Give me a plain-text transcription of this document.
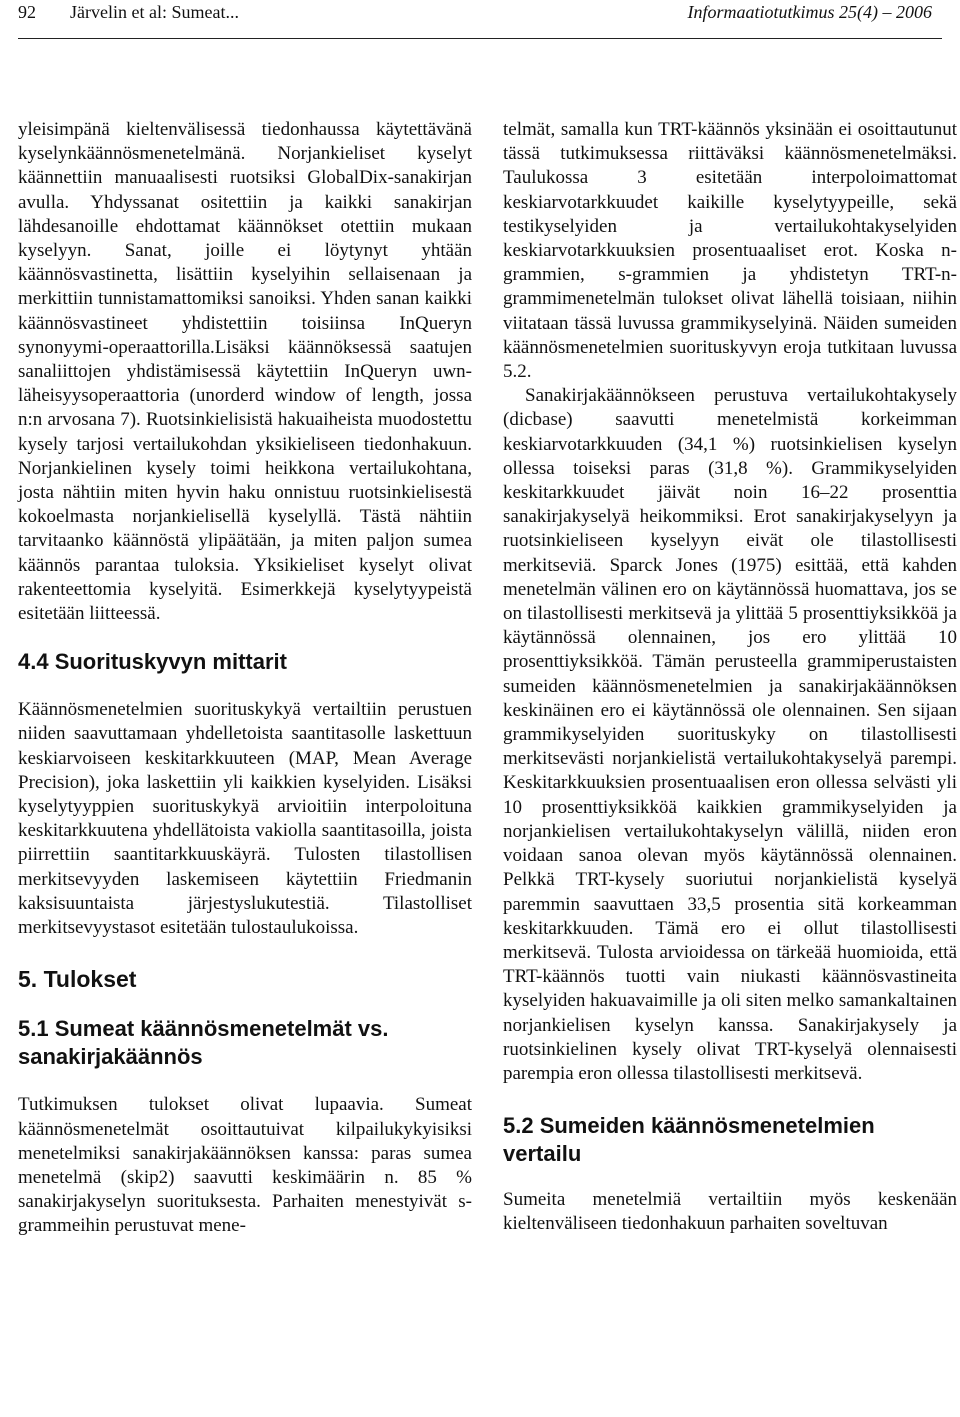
92 Järvelin et al: Sumeat...	Informaatiotutkimus 25(4) – 2006

yleisimpänä kieltenvälisessä tiedonhaussa käytettävänä kyselynkäännösmenetelmänä. Norjankieliset kyselyt käännettiin manuaalisesti ruotsiksi GlobalDix-sanakirjan avulla. Yhdyssanat ositettiin ja kaikki sanakirjan lähdesanoille ehdottamat käännökset otettiin mukaan kyselyyn. Sanat, joille ei löytynyt yhtään käännösvastinetta, lisättiin kyselyihin sellaisenaan ja merkittiin tunnistamattomiksi sanoiksi. Yhden sanan kaikki käännösvastineet yhdistettiin toisiinsa InQueryn synonyymi-operaattorilla.Lisäksi käännöksessä saatujen sanaliittojen yhdistämisessä käytettiin InQueryn uwn-läheisyysoperaattoria (unorderd window of length, jossa n:n arvosana 7). Ruotsinkielisistä hakuaiheista muodostettu kysely tarjosi vertailukohdan yksikieliseen tiedonhakuun. Norjankielinen kysely toimi heikkona vertailukohtana, josta nähtiin miten hyvin haku onnistuu ruotsinkielisestä kokoelmasta norjankielisellä kyselyllä. Tästä nähtiin tarvitaanko käännöstä ylipäätään, ja miten paljon sumea käännös parantaa tuloksia. Yksikieliset kyselyt olivat rakenteettomia kyselyitä. Esimerkkejä kyselytyypeistä esitetään liitteessä.

4.4 Suorituskyvyn mittarit

Käännösmenetelmien suorituskykyä vertailtiin perustuen niiden saavuttamaan yhdelletoista saantitasolle laskettuun keskiarvoiseen keskitarkkuuteen (MAP, Mean Average Precision), joka laskettiin yli kaikkien kyselyiden. Lisäksi kyselytyyppien suorituskykyä arvioitiin interpoloituna keskitarkkuutena yhdellätoista vakiolla saantitasoilla, joista piirrettiin saantitarkkuuskäyrä. Tulosten tilastollisen merkitsevyyden laskemiseen käytettiin Friedmanin kaksisuuntaista järjestyslukutestiä. Tilastolliset merkitsevyystasot esitetään tulostaulukoissa.

5. Tulokset
5.1 Sumeat käännösmenetelmät vs. sanakirjakäännös

Tutkimuksen tulokset olivat lupaavia. Sumeat käännösmenetelmät osoittautuivat kilpailukykyisiksi menetelmiksi sanakirjakäännöksen kanssa: paras sumea menetelmä (skip2) saavutti keskimäärin n. 85 % sanakirjakyselyn suorituksesta. Parhaiten menestyivät s-grammeihin perustuvat mene-

telmät, samalla kun TRT-käännös yksinään ei osoittautunut tässä tutkimuksessa riittäväksi käännösmenetelmäksi. Taulukossa 3 esitetään interpoloimattomat keskiarvotarkkuudet kaikille kyselytyypeille, sekä testikyselyiden ja vertailukohtakyselyiden keskiarvotarkkuuksien prosentuaaliset erot. Koska n-grammien, s-grammien ja yhdistetyn TRT-n-grammimenetelmän tulokset olivat lähellä toisiaan, niihin viitataan tässä luvussa grammikyselyinä. Näiden sumeiden käännösmenetelmien suorituskyvyn eroja tutkitaan luvussa 5.2.

Sanakirjakäännökseen perustuva vertailukohtakysely (dicbase) saavutti menetelmistä korkeimman keskiarvotarkkuuden (34,1 %) ruotsinkielisen kyselyn ollessa toiseksi paras (31,8 %). Grammikyselyiden keskitarkkuudet jäivät noin 16–22 prosenttia sanakirjakyselyä heikommiksi. Erot sanakirjakyselyyn ja ruotsinkieliseen kyselyyn eivät ole tilastollisesti merkitseviä. Sparck Jones (1975) esittää, että kahden menetelmän välinen ero on käytännössä huomattava, jos se on tilastollisesti merkitsevä ja ylittää 5 prosenttiyksikköä ja käytännössä olennainen, jos ero ylittää 10 prosenttiyksikköä. Tämän perusteella grammiperustaisten sumeiden käännösmenetelmien ja sanakirjakäännöksen keskinäinen ero ei käytännössä ole olennainen. Sen sijaan grammikyselyiden suorituskyky on tilastollisesti merkitsevästi norjankielistä vertailukohtakyselyä parempi. Keskitarkkuuksien prosentuaalisen eron ollessa selvästi yli 10 prosenttiyksikköä kaikkien grammikyselyiden ja norjankielisen vertailukohtakyselyn välillä, niiden eron voidaan sanoa olevan myös käytännössä olennainen. Pelkkä TRT-kysely suoriutui norjankielistä kyselyä paremmin saavuttaen 33,5 prosentia sitä korkeamman keskitarkkuuden. Tämä ero ei ollut tilastollisesti merkitsevä. Tulosta arvioidessa on tärkeää huomioida, että TRT-käännös tuotti vain niukasti käännösvastineita kyselyiden hakuavaimille ja oli siten melko samankaltainen norjankielisen kyselyn kanssa. Sanakirjakysely ja ruotsinkielinen kysely olivat TRT-kyselyä olennaisesti parempia eron ollessa tilastollisesti merkitsevä.

5.2 Sumeiden käännösmenetelmien vertailu

Sumeita menetelmiä vertailtiin myös keskenään kieltenväliseen tiedonhakuun parhaiten soveltuvan
